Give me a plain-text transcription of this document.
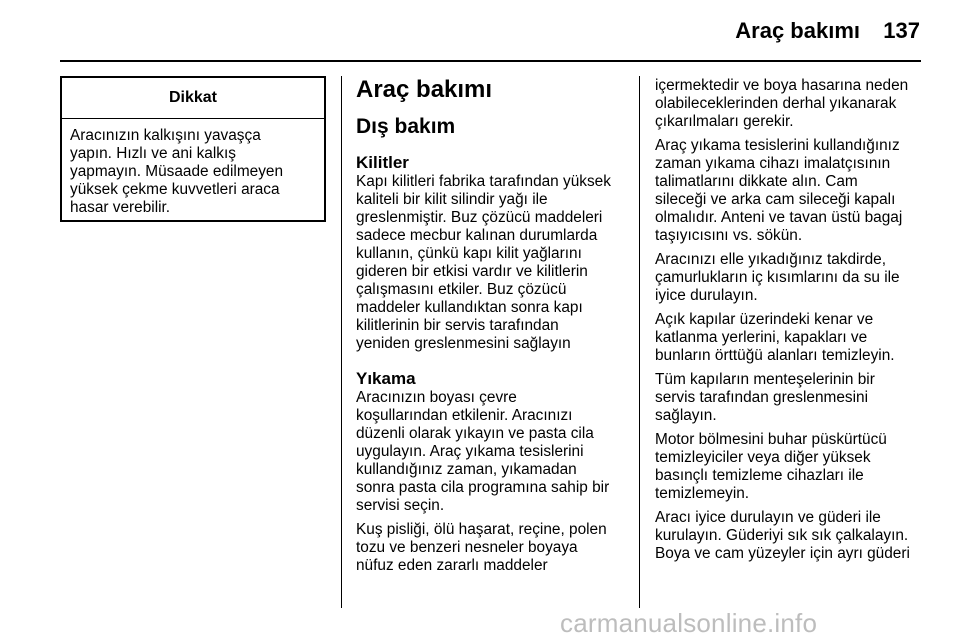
Araç bakımı	137
Dikkat
Aracınızın kalkışını yavaşça
yapın. Hızlı ve ani kalkış
yapmayın. Müsaade edilmeyen
yüksek çekme kuvvetleri araca
hasar verebilir.
Araç bakımı
Dış bakım
Kilitler

Kapı kilitleri fabrika tarafından yüksek
kaliteli bir kilit silindir yağı ile
greslenmiştir. Buz çözücü maddeleri
sadece mecbur kalınan durumlarda
kullanın, çünkü kapı kilit yağlarını
gideren bir etkisi vardır ve kilitlerin
çalışmasını etkiler. Buz çözücü
maddeler kullandıktan sonra kapı
kilitlerinin bir servis tarafından
yeniden greslenmesini sağlayın

Yıkama

Aracınızın boyası çevre
koşullarından etkilenir. Aracınızı
düzenli olarak yıkayın ve pasta cila
uygulayın. Araç yıkama tesislerini
kullandığınız zaman, yıkamadan
sonra pasta cila programına sahip bir
servisi seçin.

Kuş pisliği, ölü haşarat, reçine, polen
tozu ve benzeri nesneler boyaya
nüfuz eden zararlı maddeler

içermektedir ve boya hasarına neden
olabileceklerinden derhal yıkanarak
çıkarılmaları gerekir.

Araç yıkama tesislerini kullandığınız
zaman yıkama cihazı imalatçısının
talimatlarını dikkate alın. Cam
sileceği ve arka cam sileceği kapalı
olmalıdır. Anteni ve tavan üstü bagaj
taşıyıcısını vs. sökün.

Aracınızı elle yıkadığınız takdirde,
çamurlukların iç kısımlarını da su ile
iyice durulayın.

Açık kapılar üzerindeki kenar ve
katlanma yerlerini, kapakları ve
bunların örttüğü alanları temizleyin.

Tüm kapıların menteşelerinin bir
servis tarafından greslenmesini
sağlayın.

Motor bölmesini buhar püskürtücü
temizleyiciler veya diğer yüksek
basınçlı temizleme cihazları ile
temizlemeyin.

Aracı iyice durulayın ve güderi ile
kurulayın. Güderiyi sık sık çalkalayın.
Boya ve cam yüzeyler için ayrı güderi

carmanualsonline.info
